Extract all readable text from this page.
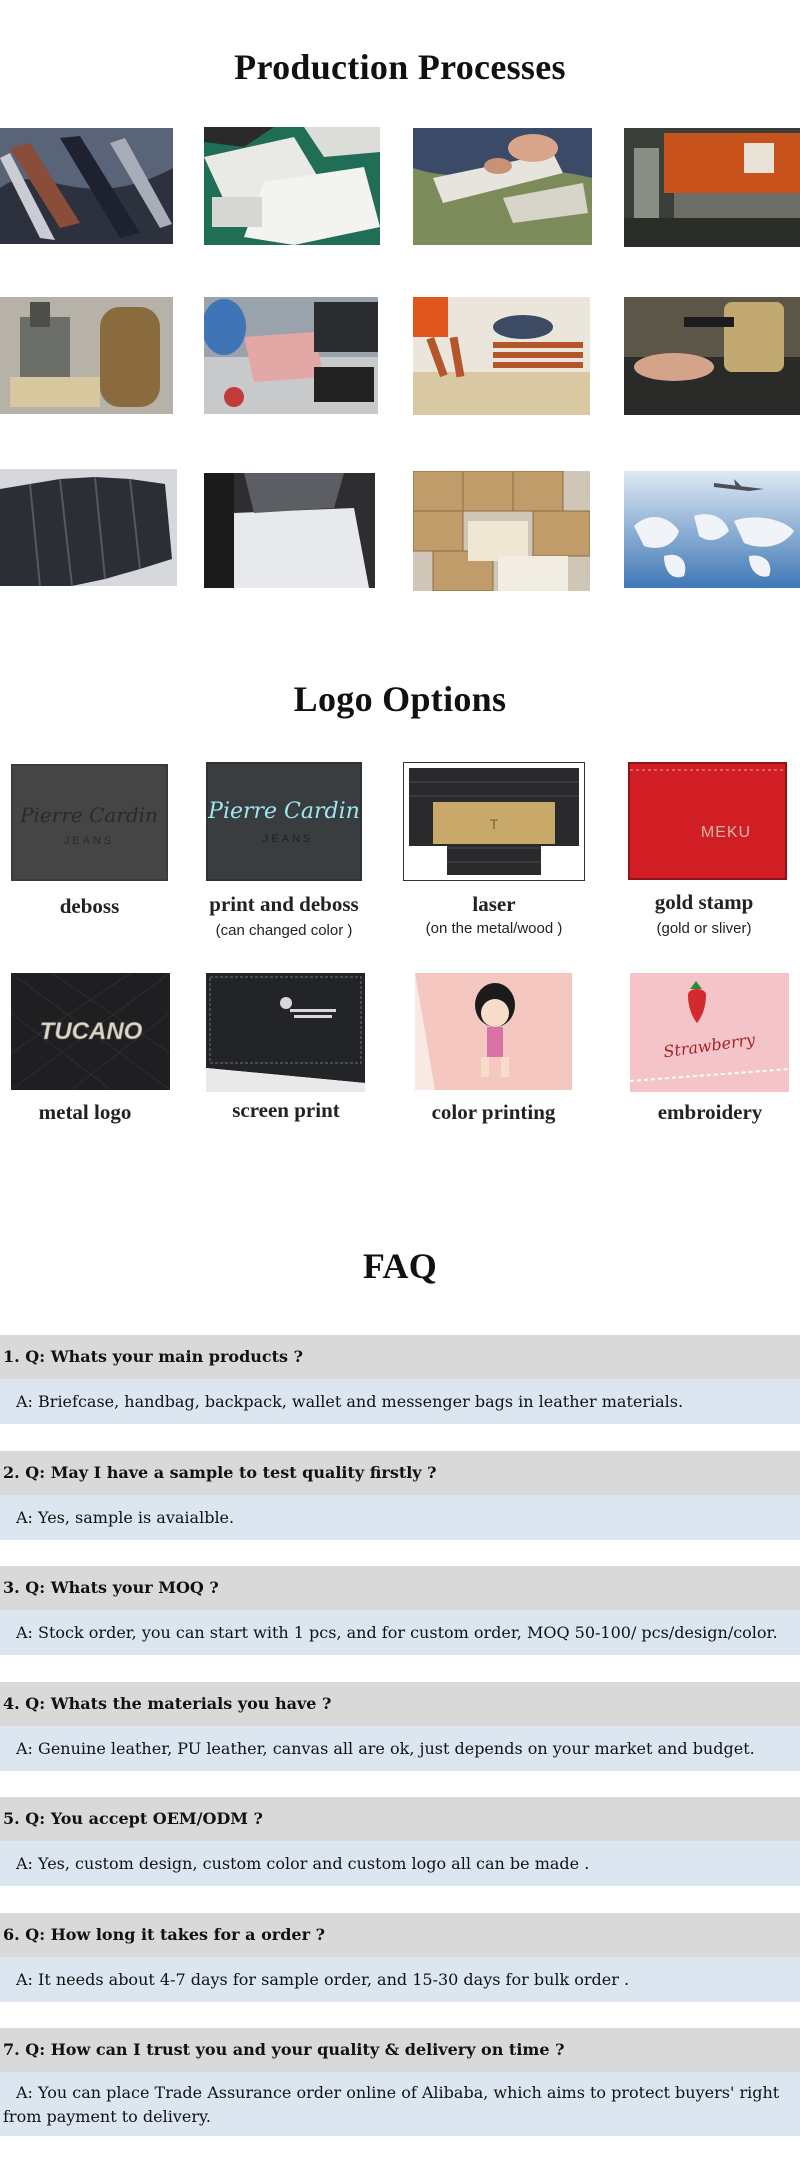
Production Processes
Logo Options
Pierre Cardin
JEANS
deboss
Pierre Cardin
JEANS
print and deboss
(can changed color )
T
laser
(on the metal/wood )
MEKU
gold stamp
(gold or sliver)
TUCANO
metal logo	screen print	color printing
Strawberry
embroidery
FAQ
1. Q: Whats your main products ?
A: Briefcase, handbag, backpack, wallet and messenger bags in leather materials.
2. Q: May I have a sample to test quality firstly ?
A: Yes, sample is avaialble.
3. Q: Whats your MOQ ?
A: Stock order, you can start with 1 pcs, and for custom order, MOQ 50-100/ pcs/design/color.
4. Q: Whats the materials you have ?
A: Genuine leather, PU leather, canvas all are ok, just depends on your market and budget.
5. Q: You accept OEM/ODM ?
A: Yes, custom design, custom color and custom logo all can be made .
6. Q: How long it takes for a order ?
A: It needs about 4-7 days for sample order, and 15-30 days for bulk order .
7. Q: How can I trust you and your quality & delivery on time ?
A: You can place Trade Assurance order online of Alibaba, which aims to protect buyers' right from payment to delivery.
